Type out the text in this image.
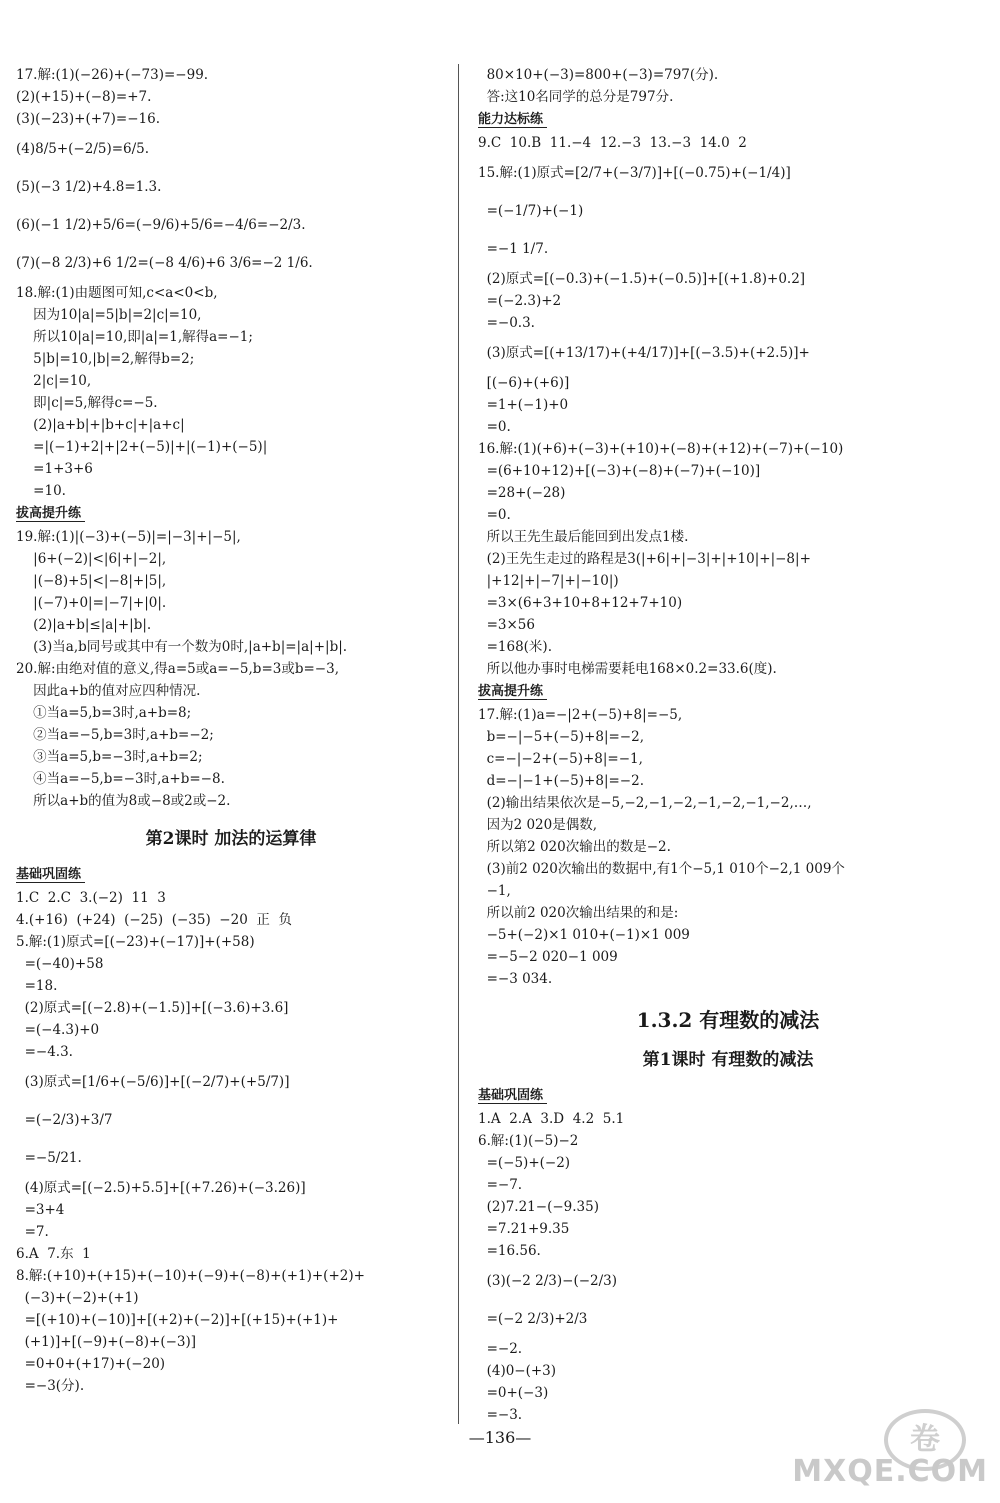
17.解:(1)(−26)+(−73)=−99.
(2)(+15)+(−8)=+7.
(3)(−23)+(+7)=−16.
(4)8/5+(−2/5)=6/5.
(5)(−3 1/2)+4.8=1.3.
(6)(−1 1/2)+5/6=(−9/6)+5/6=−4/6=−2/3.
(7)(−8 2/3)+6 1/2=(−8 4/6)+6 3/6=−2 1/6.
18.解:(1)由题图可知,c<a<0<b,
因为10|a|=5|b|=2|c|=10,
所以10|a|=10,即|a|=1,解得a=−1;
5|b|=10,|b|=2,解得b=2;
2|c|=10,
即|c|=5,解得c=−5.
(2)|a+b|+|b+c|+|a+c|
=|(−1)+2|+|2+(−5)|+|(−1)+(−5)|
=1+3+6
=10.
拔高提升练
19.解:(1)|(−3)+(−5)|=|−3|+|−5|,
|6+(−2)|<|6|+|−2|,
|(−8)+5|<|−8|+|5|,
|(−7)+0|=|−7|+|0|.
(2)|a+b|≤|a|+|b|.
(3)当a,b同号或其中有一个数为0时,|a+b|=|a|+|b|.
20.解:由绝对值的意义,得a=5或a=−5,b=3或b=−3,
因此a+b的值对应四种情况.
①当a=5,b=3时,a+b=8;
②当a=−5,b=3时,a+b=−2;
③当a=5,b=−3时,a+b=2;
④当a=−5,b=−3时,a+b=−8.
所以a+b的值为8或−8或2或−2.
第2课时 加法的运算律
基础巩固练
1.C  2.C  3.(−2)  11  3
4.(+16)  (+24)  (−25)  (−35)  −20  正  负
5.解:(1)原式=[(−23)+(−17)]+(+58)
=(−40)+58
=18.
(2)原式=[(−2.8)+(−1.5)]+[(−3.6)+3.6]
=(−4.3)+0
=−4.3.
(3)原式=[1/6+(−5/6)]+[(−2/7)+(+5/7)]
=(−2/3)+3/7
=−5/21.
(4)原式=[(−2.5)+5.5]+[(+7.26)+(−3.26)]
=3+4
=7.
6.A  7.东  1
8.解:(+10)+(+15)+(−10)+(−9)+(−8)+(+1)+(+2)+
(−3)+(−2)+(+1)
=[(+10)+(−10)]+[(+2)+(−2)]+[(+15)+(+1)+
(+1)]+[(−9)+(−8)+(−3)]
=0+0+(+17)+(−20)
=−3(分).
80×10+(−3)=800+(−3)=797(分).
答:这10名同学的总分是797分.
能力达标练
9.C  10.B  11.−4  12.−3  13.−3  14.0  2
15.解:(1)原式=[2/7+(−3/7)]+[(−0.75)+(−1/4)]
=(−1/7)+(−1)
=−1 1/7.
(2)原式=[(−0.3)+(−1.5)+(−0.5)]+[(+1.8)+0.2]
=(−2.3)+2
=−0.3.
(3)原式=[(+13/17)+(+4/17)]+[(−3.5)+(+2.5)]+
[(−6)+(+6)]
=1+(−1)+0
=0.
16.解:(1)(+6)+(−3)+(+10)+(−8)+(+12)+(−7)+(−10)
=(6+10+12)+[(−3)+(−8)+(−7)+(−10)]
=28+(−28)
=0.
所以王先生最后能回到出发点1楼.
(2)王先生走过的路程是3(|+6|+|−3|+|+10|+|−8|+
|+12|+|−7|+|−10|)
=3×(6+3+10+8+12+7+10)
=3×56
=168(米).
所以他办事时电梯需要耗电168×0.2=33.6(度).
拔高提升练
17.解:(1)a=−|2+(−5)+8|=−5,
b=−|−5+(−5)+8|=−2,
c=−|−2+(−5)+8|=−1,
d=−|−1+(−5)+8|=−2.
(2)输出结果依次是−5,−2,−1,−2,−1,−2,−1,−2,…,
因为2 020是偶数,
所以第2 020次输出的数是−2.
(3)前2 020次输出的数据中,有1个−5,1 010个−2,1 009个
−1,
所以前2 020次输出结果的和是:
−5+(−2)×1 010+(−1)×1 009
=−5−2 020−1 009
=−3 034.
1.3.2 有理数的减法
第1课时 有理数的减法
基础巩固练
1.A  2.A  3.D  4.2  5.1
6.解:(1)(−5)−2
=(−5)+(−2)
=−7.
(2)7.21−(−9.35)
=7.21+9.35
=16.56.
(3)(−2 2/3)−(−2/3)
=(−2 2/3)+2/3
=−2.
(4)0−(+3)
=0+(−3)
=−3.
—136—	卷
MXQE.COM
